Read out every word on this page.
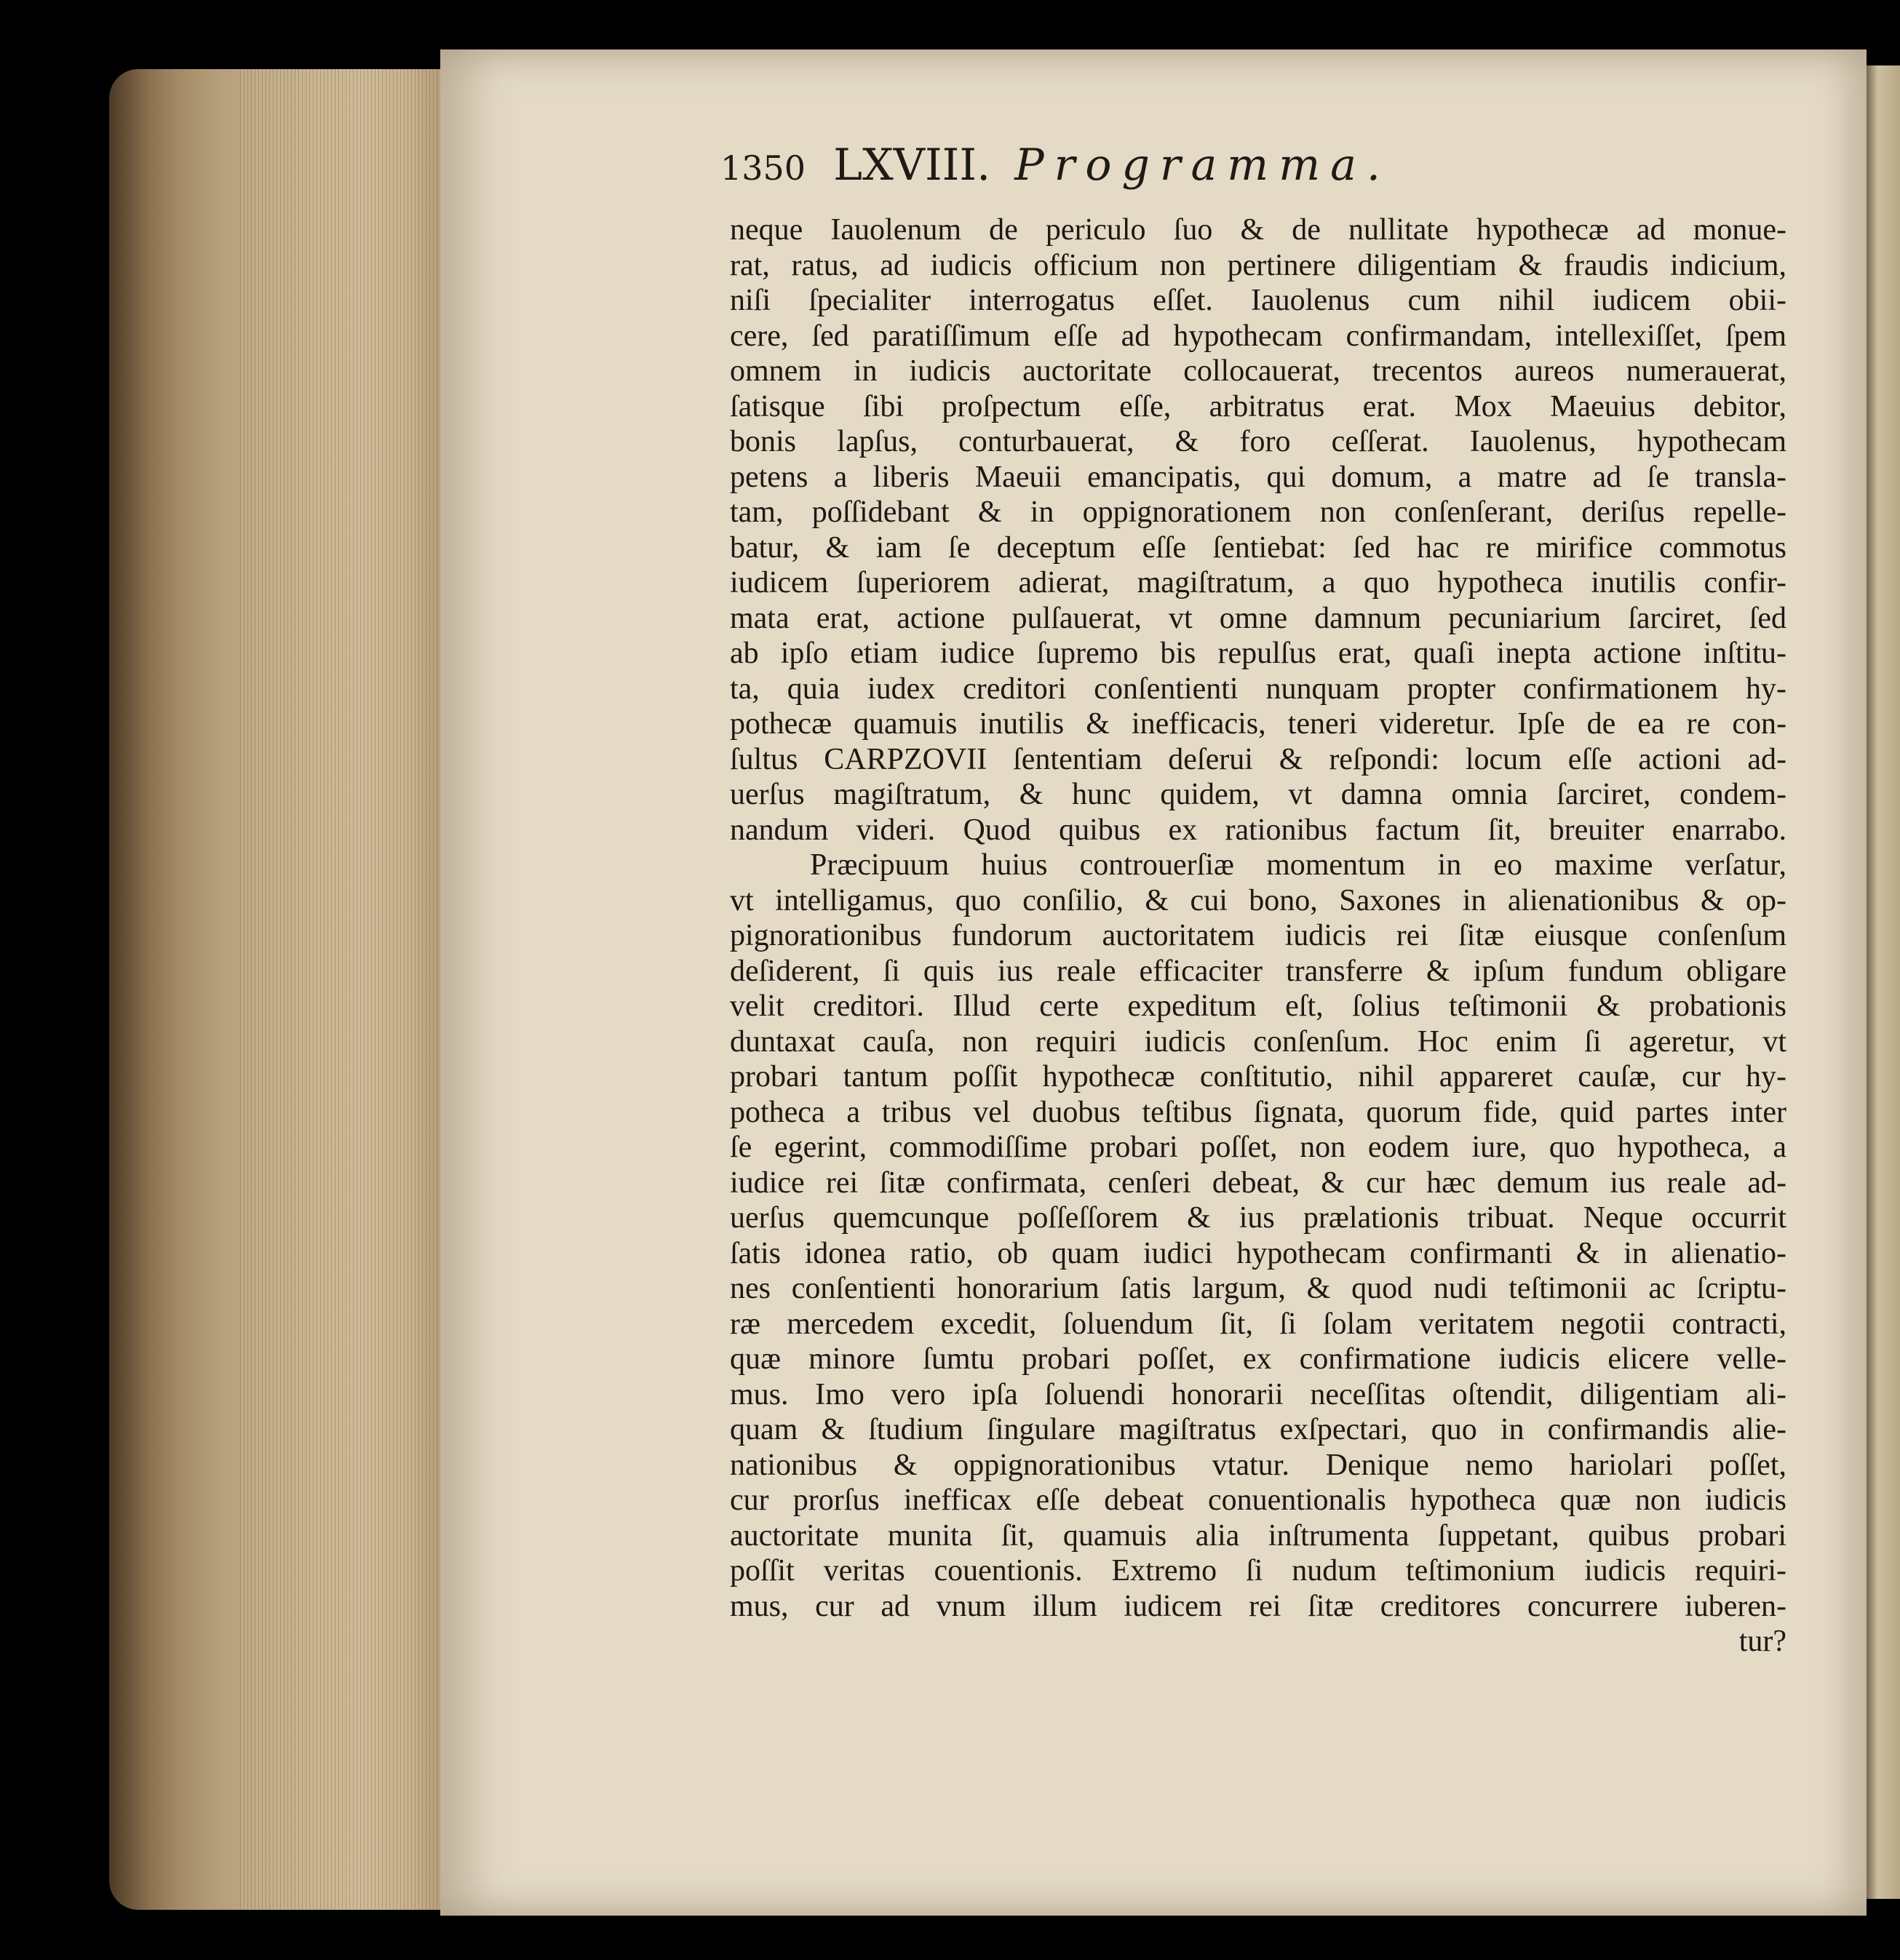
1350 LXVIII. Programma.
neque Iauolenum de periculo ſuo & de nullitate hypothecæ ad monue-
rat, ratus, ad iudicis officium non pertinere diligentiam & fraudis indicium,
niſi ſpecialiter interrogatus eſſet. Iauolenus cum nihil iudicem obii-
cere, ſed paratiſſimum eſſe ad hypothecam confirmandam, intellexiſſet, ſpem
omnem in iudicis auctoritate collocauerat, trecentos aureos numerauerat,
ſatisque ſibi proſpectum eſſe, arbitratus erat. Mox Maeuius debitor,
bonis lapſus, conturbauerat, & foro ceſſerat. Iauolenus, hypothecam
petens a liberis Maeuii emancipatis, qui domum, a matre ad ſe transla-
tam, poſſidebant & in oppignorationem non conſenſerant, deriſus repelle-
batur, & iam ſe deceptum eſſe ſentiebat: ſed hac re mirifice commotus
iudicem ſuperiorem adierat, magiſtratum, a quo hypotheca inutilis confir-
mata erat, actione pulſauerat, vt omne damnum pecuniarium ſarciret, ſed
ab ipſo etiam iudice ſupremo bis repulſus erat, quaſi inepta actione inſtitu-
ta, quia iudex creditori conſentienti nunquam propter confirmationem hy-
pothecæ quamuis inutilis & inefficacis, teneri videretur. Ipſe de ea re con-
ſultus CARPZOVII ſententiam deſerui & reſpondi: locum eſſe actioni ad-
uerſus magiſtratum, & hunc quidem, vt damna omnia ſarciret, condem-
nandum videri. Quod quibus ex rationibus factum ſit, breuiter enarrabo.
Præcipuum huius controuerſiæ momentum in eo maxime verſatur,
vt intelligamus, quo conſilio, & cui bono, Saxones in alienationibus & op-
pignorationibus fundorum auctoritatem iudicis rei ſitæ eiusque conſenſum
deſiderent, ſi quis ius reale efficaciter transferre & ipſum fundum obligare
velit creditori. Illud certe expeditum eſt, ſolius teſtimonii & probationis
duntaxat cauſa, non requiri iudicis conſenſum. Hoc enim ſi ageretur, vt
probari tantum poſſit hypothecæ conſtitutio, nihil appareret cauſæ, cur hy-
potheca a tribus vel duobus teſtibus ſignata, quorum fide, quid partes inter
ſe egerint, commodiſſime probari poſſet, non eodem iure, quo hypotheca, a
iudice rei ſitæ confirmata, cenſeri debeat, & cur hæc demum ius reale ad-
uerſus quemcunque poſſeſſorem & ius prælationis tribuat. Neque occurrit
ſatis idonea ratio, ob quam iudici hypothecam confirmanti & in alienatio-
nes conſentienti honorarium ſatis largum, & quod nudi teſtimonii ac ſcriptu-
ræ mercedem excedit, ſoluendum ſit, ſi ſolam veritatem negotii contracti,
quæ minore ſumtu probari poſſet, ex confirmatione iudicis elicere velle-
mus. Imo vero ipſa ſoluendi honorarii neceſſitas oſtendit, diligentiam ali-
quam & ſtudium ſingulare magiſtratus exſpectari, quo in confirmandis alie-
nationibus & oppignorationibus vtatur. Denique nemo hariolari poſſet,
cur prorſus inefficax eſſe debeat conuentionalis hypotheca quæ non iudicis
auctoritate munita ſit, quamuis alia inſtrumenta ſuppetant, quibus probari
poſſit veritas couentionis. Extremo ſi nudum teſtimonium iudicis requiri-
mus, cur ad vnum illum iudicem rei ſitæ creditores concurrere iuberen-
tur?
